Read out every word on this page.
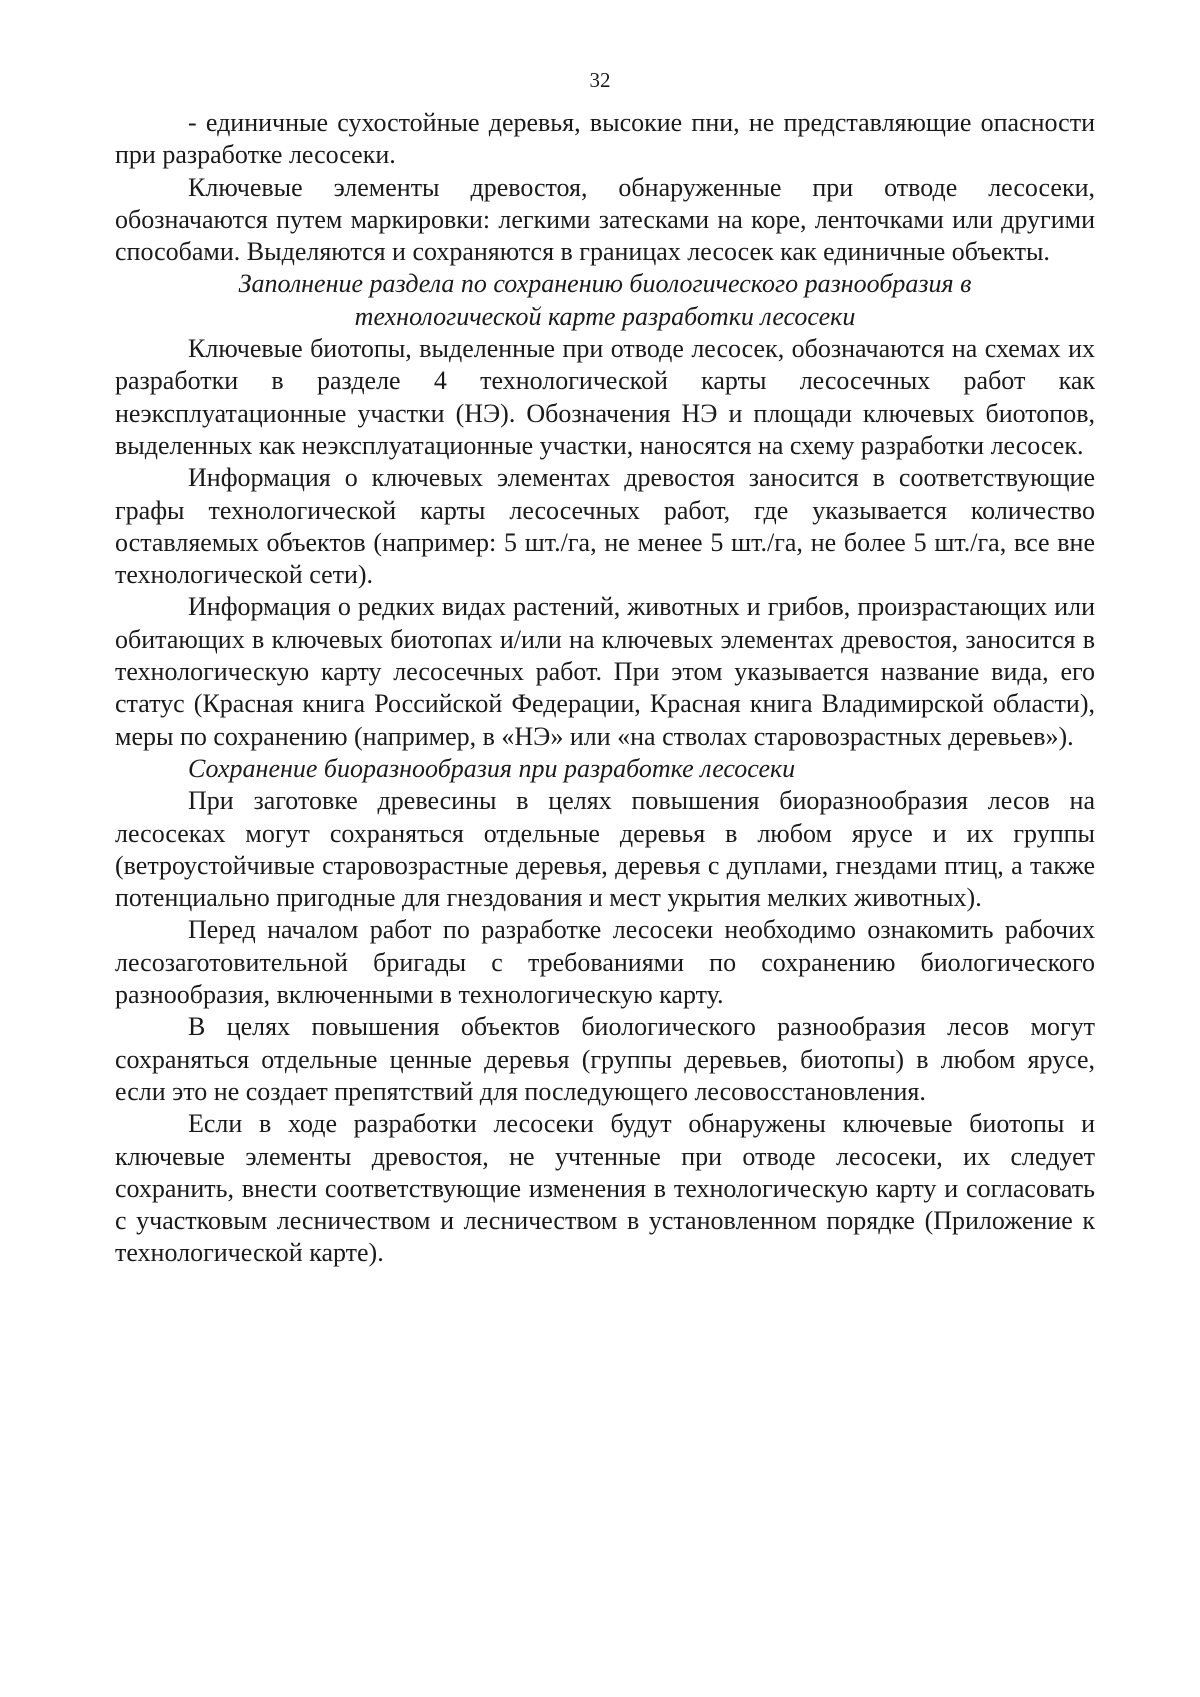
32

- единичные сухостойные деревья, высокие пни, не представляющие опасности при разработке лесосеки.

Ключевые элементы древостоя, обнаруженные при отводе лесосеки, обозначаются путем маркировки: легкими затесками на коре, ленточками или другими способами. Выделяются и сохраняются в границах лесосек как единичные объекты.

Заполнение раздела по сохранению биологического разнообразия в
технологической карте разработки лесосеки

Ключевые биотопы, выделенные при отводе лесосек, обозначаются на схемах их разработки в разделе 4 технологической карты лесосечных работ как неэксплуатационные участки (НЭ). Обозначения НЭ и площади ключевых биотопов, выделенных как неэксплуатационные участки, наносятся на схему разработки лесосек.

Информация о ключевых элементах древостоя заносится в соответствующие графы технологической карты лесосечных работ, где указывается количество оставляемых объектов (например: 5 шт./га, не менее 5 шт./га, не более 5 шт./га, все вне технологической сети).

Информация о редких видах растений, животных и грибов, произрастающих или обитающих в ключевых биотопах и/или на ключевых элементах древостоя, заносится в технологическую карту лесосечных работ. При этом указывается название вида, его статус (Красная книга Российской Федерации, Красная книга Владимирской области), меры по сохранению (например, в «НЭ» или «на стволах старовозрастных деревьев»).

Сохранение биоразнообразия при разработке лесосеки

При заготовке древесины в целях повышения биоразнообразия лесов на лесосеках могут сохраняться отдельные деревья в любом ярусе и их группы (ветроустойчивые старовозрастные деревья, деревья с дуплами, гнездами птиц, а также потенциально пригодные для гнездования и мест укрытия мелких животных).

Перед началом работ по разработке лесосеки необходимо ознакомить рабочих лесозаготовительной бригады с требованиями по сохранению биологического разнообразия, включенными в технологическую карту.

В целях повышения объектов биологического разнообразия лесов могут сохраняться отдельные ценные деревья (группы деревьев, биотопы) в любом ярусе, если это не создает препятствий для последующего лесовосстановления.

Если в ходе разработки лесосеки будут обнаружены ключевые биотопы и ключевые элементы древостоя, не учтенные при отводе лесосеки, их следует сохранить, внести соответствующие изменения в технологическую карту и согласовать с участковым лесничеством и лесничеством в установленном порядке (Приложение к технологической карте).
